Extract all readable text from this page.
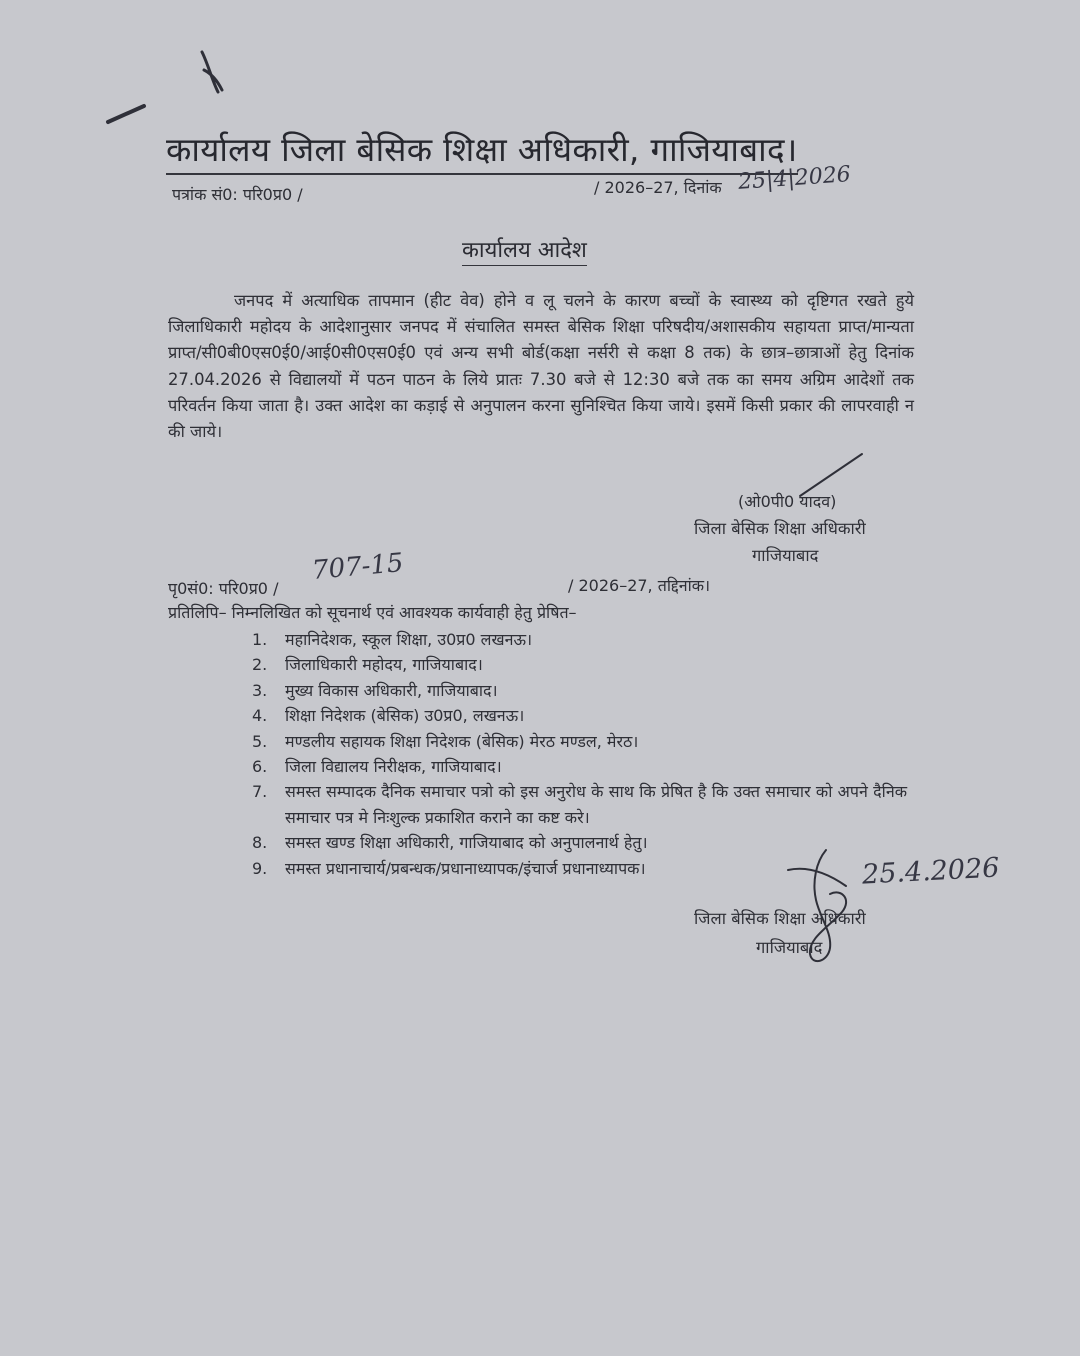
कार्यालय जिला बेसिक शिक्षा अधिकारी, गाजियाबाद।
पत्रांक सं0: परि0प्र0 /	/ 2026–27, दिनांक 25|4|2026
कार्यालय आदेश

जनपद में अत्याधिक तापमान (हीट वेव) होने व लू चलने के कारण बच्चों के स्वास्थ्य को दृष्टिगत रखते हुये जिलाधिकारी महोदय के आदेशानुसार जनपद में संचालित समस्त बेसिक शिक्षा परिषदीय/अशासकीय सहायता प्राप्त/मान्यता प्राप्त/सी0बी0एस0ई0/आई0सी0एस0ई0 एवं अन्य सभी बोर्ड(कक्षा नर्सरी से कक्षा 8 तक) के छात्र–छात्राओं हेतु दिनांक 27.04.2026 से विद्यालयों में पठन पाठन के लिये प्रातः 7.30 बजे से 12:30 बजे तक का समय अग्रिम आदेशों तक परिवर्तन किया जाता है। उक्त आदेश का कड़ाई से अनुपालन करना सुनिश्चित किया जाये। इसमें किसी प्रकार की लापरवाही न की जाये।

(ओ0पी0 यादव)
जिला बेसिक शिक्षा अधिकारी
गाजियाबाद
पृ0सं0: परि0प्र0 /
707-15	/ 2026–27, तद्दिनांक।
प्रतिलिपि– निम्नलिखित को सूचनार्थ एवं आवश्यक कार्यवाही हेतु प्रेषित–
1. महानिदेशक, स्कूल शिक्षा, उ0प्र0 लखनऊ।
2. जिलाधिकारी महोदय, गाजियाबाद।
3. मुख्य विकास अधिकारी, गाजियाबाद।
4. शिक्षा निदेशक (बेसिक) उ0प्र0, लखनऊ।
5. मण्डलीय सहायक शिक्षा निदेशक (बेसिक) मेरठ मण्डल, मेरठ।
6. जिला विद्यालय निरीक्षक, गाजियाबाद।
7. समस्त सम्पादक दैनिक समाचार पत्रो को इस अनुरोध के साथ कि प्रेषित है कि उक्त समाचार को अपने दैनिक समाचार पत्र मे निःशुल्क प्रकाशित कराने का कष्ट करे।
8. समस्त खण्ड शिक्षा अधिकारी, गाजियाबाद को अनुपालनार्थ हेतु।
9. समस्त प्रधानाचार्य/प्रबन्धक/प्रधानाध्यापक/इंचार्ज प्रधानाध्यापक।	25.4.2026
जिला बेसिक शिक्षा अधिकारी
गाजियाबाद
